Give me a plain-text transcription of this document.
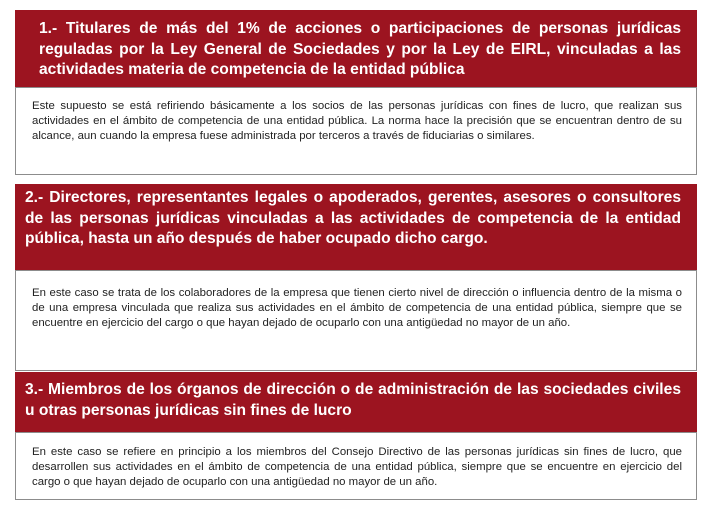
Este supuesto se está refiriendo básicamente a los socios de las personas jurídicas con fines de lucro, que realizan sus actividades en el ámbito de competencia de una entidad pública. La norma hace la precisión que se encuentran dentro de su alcance, aun cuando la empresa fuese administrada por terceros a través de fiduciarias o similares.
1.- Titulares de más del 1% de acciones o participaciones de personas jurídicas reguladas por la Ley General de Sociedades y por la Ley de EIRL, vinculadas a las actividades materia de competencia de la entidad pública
En este caso se trata de los colaboradores de la empresa que tienen cierto nivel de dirección o influencia dentro de la misma o de una empresa vinculada que realiza sus actividades en el ámbito de competencia de una entidad pública, siempre que se encuentre en ejercicio del cargo o que hayan dejado de ocuparlo con una antigüedad no mayor de un año.
2.- Directores, representantes legales o apoderados, gerentes, asesores o consultores de las personas jurídicas vinculadas a las actividades de competencia de la entidad pública, hasta un año después de haber ocupado dicho cargo.
En este caso se refiere en principio a los miembros del Consejo Directivo de las personas jurídicas sin fines de lucro, que desarrollen sus actividades en el ámbito de competencia de una entidad pública, siempre que se encuentre en ejercicio del cargo o que hayan dejado de ocuparlo con una antigüedad no mayor de un año.
3.- Miembros de los órganos de dirección o de administración de las sociedades civiles u otras personas jurídicas sin fines de lucro
